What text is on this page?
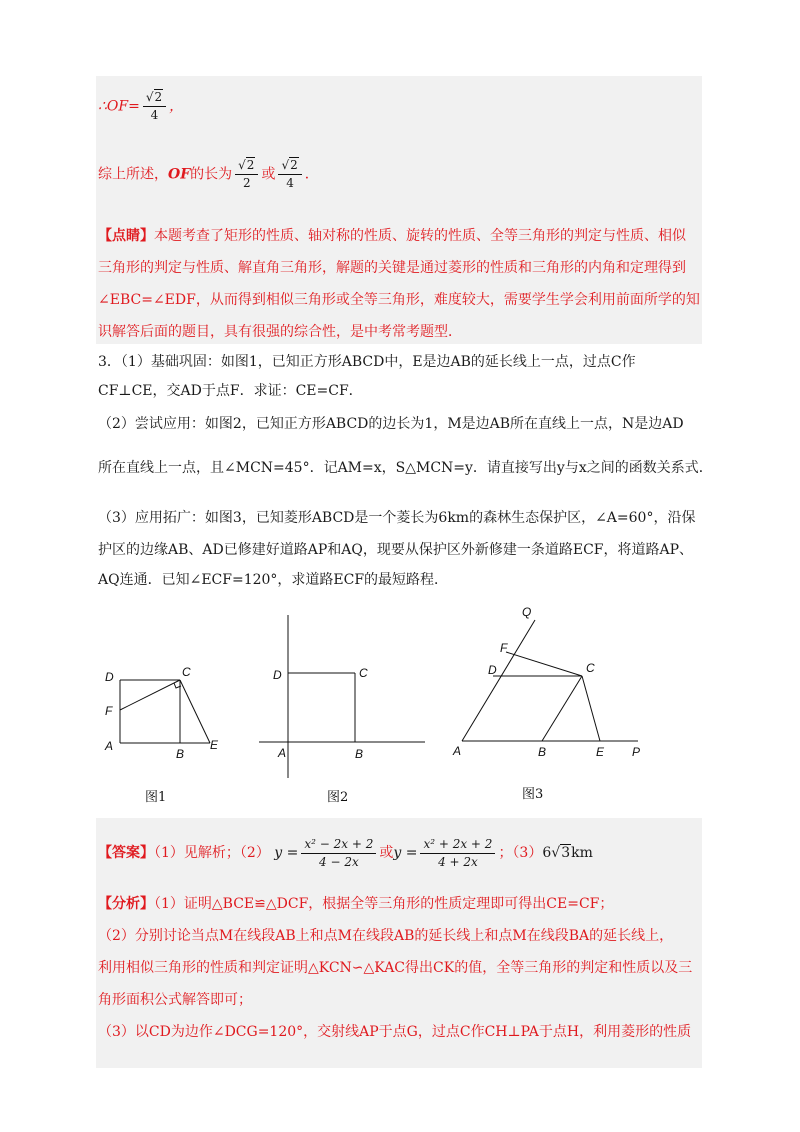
∴OF= $\frac{√2}{4}$ ，
综上所述，OF的长为 $\frac{√2}{2}$ 或 $\frac{√2}{4}$ ．
【点睛】本题考查了矩形的性质、轴对称的性质、旋转的性质、全等三角形的判定与性质、相似
三角形的判定与性质、解直角三角形，解题的关键是通过菱形的性质和三角形的内角和定理得到
∠EBC=∠EDF，从而得到相似三角形或全等三角形，难度较大，需要学生学会利用前面所学的知
识解答后面的题目，具有很强的综合性，是中考常考题型．
3．（1）基础巩固：如图1，已知正方形ABCD中，E是边AB的延长线上一点，过点C作
CF⊥CE，交AD于点F．求证：CE=CF．
（2）尝试应用：如图2，已知正方形ABCD的边长为1，M是边AB所在直线上一点，N是边AD
所在直线上一点，且∠MCN=45°．记AM=x，S△MCN=y．请直接写出y与x之间的函数关系式．
（3）应用拓广：如图3，已知菱形ABCD是一个菱长为6km的森林生态保护区，∠A=60°，沿保
护区的边缘AB、AD已修建好道路AP和AQ，现要从保护区外新修建一条道路ECF，将道路AP、
AQ连通．已知∠ECF=120°，求道路ECF的最短路程．
D	C
F
A
B
E
图1
D	C
A	B
图2
Q
F
D	C
A	B	E P
图3
【答案】（1）见解析；（2） $y = \frac{\text{x² − 2x + 2}}{4 - 2x}$ 或$y = \frac{\text{x² + 2x + 2}}{4 + 2x}$ ；（3）6√3km
【分析】（1）证明△BCE≌△DCF，根据全等三角形的性质定理即可得出CE=CF；
（2）分别讨论当点M在线段AB上和点M在线段AB的延长线上和点M在线段BA的延长线上，
利用相似三角形的性质和判定证明△KCN∽△KAC得出CK的值，全等三角形的判定和性质以及三
角形面积公式解答即可；
（3）以CD为边作∠DCG=120°，交射线AP于点G，过点C作CH⊥PA于点H，利用菱形的性质
